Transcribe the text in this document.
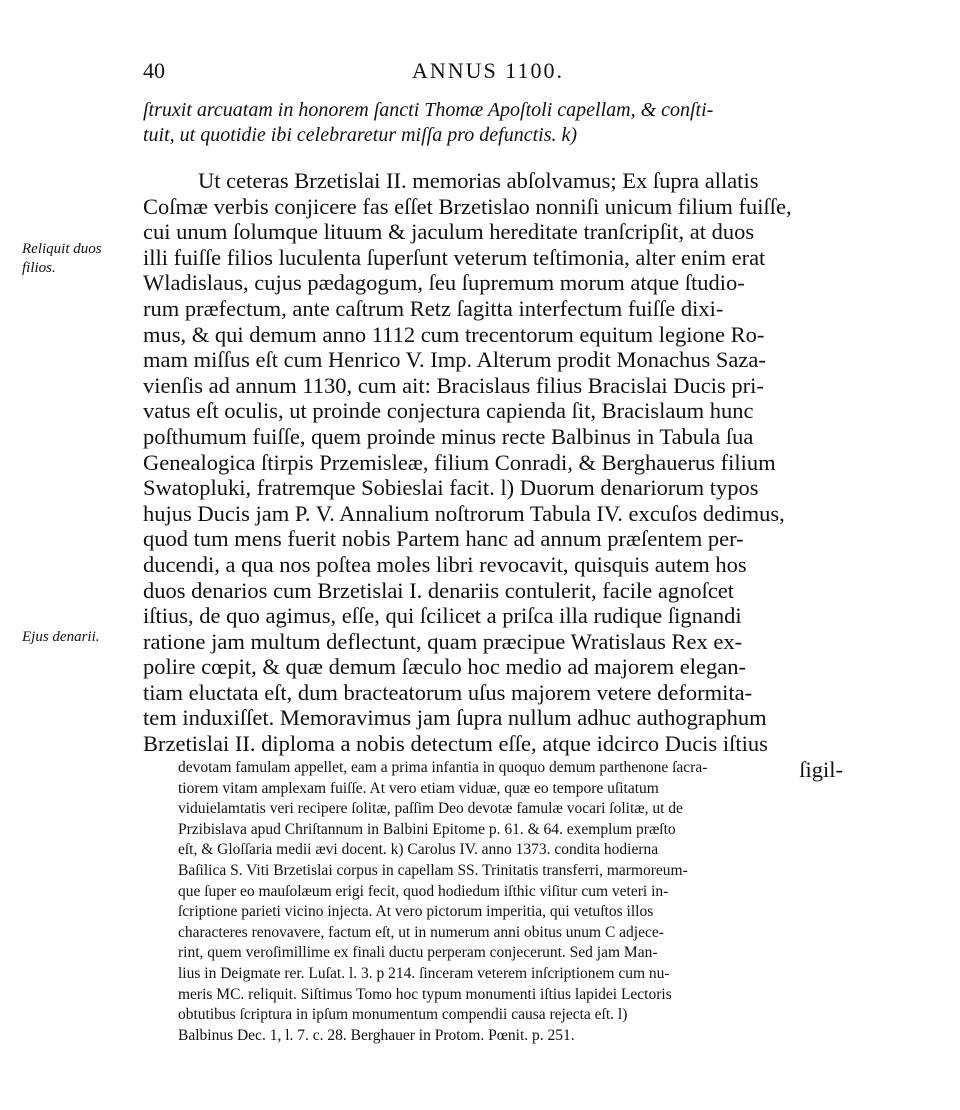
40	ANNUS 1100.
ſtruxit arcuatam in honorem ſancti Thomæ Apoſtoli capellam, & conſti-
tuit, ut quotidie ibi celebraretur miſſa pro defunctis. k)
Reliquit duos filios.
Ejus denarii.
Ut ceteras Brzetislai II. memorias abſolvamus; Ex ſupra allatis
Coſmæ verbis conjicere fas eſſet Brzetislao nonniſi unicum filium fuiſſe,
cui unum ſolumque lituum & jaculum hereditate tranſcripſit, at duos
illi fuiſſe filios luculenta ſuperſunt veterum teſtimonia, alter enim erat
Wladislaus, cujus pædagogum, ſeu ſupremum morum atque ſtudio-
rum præfectum, ante caſtrum Retz ſagitta interfectum fuiſſe dixi-
mus, & qui demum anno 1112 cum trecentorum equitum legione Ro-
mam miſſus eſt cum Henrico V. Imp. Alterum prodit Monachus Saza-
vienſis ad annum 1130, cum ait: Bracislaus filius Bracislai Ducis pri-
vatus eſt oculis, ut proinde conjectura capienda ſit, Bracislaum hunc
poſthumum fuiſſe, quem proinde minus recte Balbinus in Tabula ſua
Genealogica ſtirpis Przemisleæ, filium Conradi, & Berghauerus filium
Swatopluki, fratremque Sobieslai facit. l) Duorum denariorum typos
hujus Ducis jam P. V. Annalium noſtrorum Tabula IV. excuſos dedimus,
quod tum mens fuerit nobis Partem hanc ad annum præſentem per-
ducendi, a qua nos poſtea moles libri revocavit, quisquis autem hos
duos denarios cum Brzetislai I. denariis contulerit, facile agnoſcet
iſtius, de quo agimus, eſſe, qui ſcilicet a priſca illa rudique ſignandi
ratione jam multum deflectunt, quam præcipue Wratislaus Rex ex-
polire cœpit, & quæ demum ſæculo hoc medio ad majorem elegan-
tiam eluctata eſt, dum bracteatorum uſus majorem vetere deformita-
tem induxiſſet. Memoravimus jam ſupra nullum adhuc authographum
Brzetislai II. diploma a nobis detectum eſſe, atque idcirco Ducis iſtius
ſigil-
devotam famulam appellet, eam a prima infantia in quoquo demum parthenone ſacra-
tiorem vitam amplexam fuiſſe. At vero etiam viduæ, quæ eo tempore uſitatum
viduielamtatis veri recipere ſolitæ, paſſim Deo devotæ famulæ vocari ſolitæ, ut de
Przibislava apud Chriſtannum in Balbini Epitome p. 61. & 64. exemplum præſto
eſt, & Gloſſaria medii ævi docent. k) Carolus IV. anno 1373. condita hodierna
Baſilica S. Viti Brzetislai corpus in capellam SS. Trinitatis transferri, marmoreum-
que ſuper eo mauſolæum erigi fecit, quod hodiedum iſthic viſitur cum veteri in-
ſcriptione parieti vicino injecta. At vero pictorum imperitia, qui vetuſtos illos
characteres renovavere, factum eſt, ut in numerum anni obitus unum C adjece-
rint, quem veroſimillime ex finali ductu perperam conjecerunt. Sed jam Man-
lius in Deigmate rer. Luſat. l. 3. p 214. ſinceram veterem inſcriptionem cum nu-
meris MC. reliquit. Siſtimus Tomo hoc typum monumenti iſtius lapidei Lectoris
obtutibus ſcriptura in ipſum monumentum compendii causa rejecta eſt. l)
Balbinus Dec. 1, l. 7. c. 28. Berghauer in Protom. Pœnit. p. 251.
